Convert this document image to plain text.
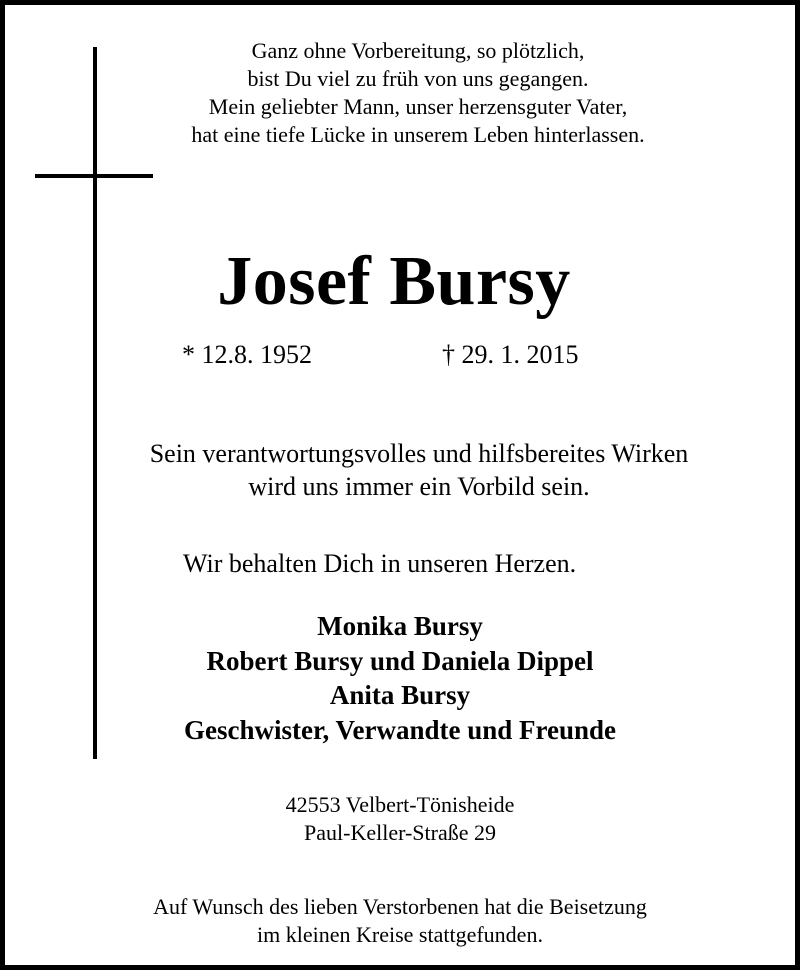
Ganz ohne Vorbereitung, so plötzlich,
bist Du viel zu früh von uns gegangen.
Mein geliebter Mann, unser herzensguter Vater,
hat eine tiefe Lücke in unserem Leben hinterlassen.
Josef Bursy
* 12.8. 1952	† 29. 1. 2015
Sein verantwortungsvolles und hilfsbereites Wirken
wird uns immer ein Vorbild sein.
Wir behalten Dich in unseren Herzen.
Monika Bursy
Robert Bursy und Daniela Dippel
Anita Bursy
Geschwister, Verwandte und Freunde
42553 Velbert-Tönisheide
Paul-Keller-Straße 29
Auf Wunsch des lieben Verstorbenen hat die Beisetzung
im kleinen Kreise stattgefunden.
